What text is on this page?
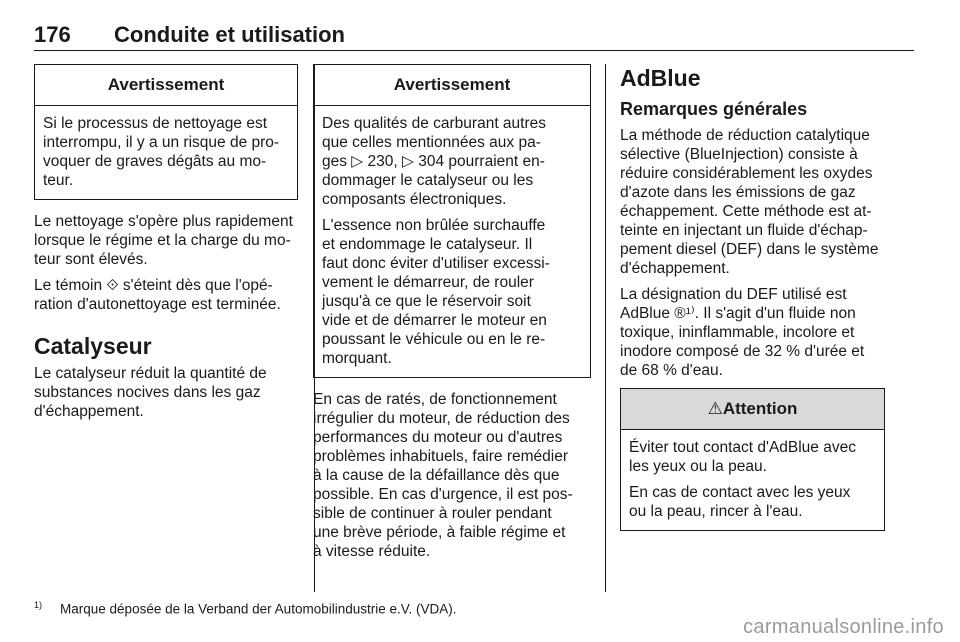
176 Conduite et utilisation
Avertissement

Si le processus de nettoyage est
interrompu, il y a un risque de pro-
voquer de graves dégâts au mo-
teur.

Le nettoyage s'opère plus rapidement
lorsque le régime et la charge du mo-
teur sont élevés.

Le témoin ⟐ s'éteint dès que l'opé-
ration d'autonettoyage est terminée.

Catalyseur

Le catalyseur réduit la quantité de
substances nocives dans les gaz
d'échappement.

Avertissement

Des qualités de carburant autres
que celles mentionnées aux pa-
ges ▷ 230, ▷ 304 pourraient en-
dommager le catalyseur ou les
composants électroniques.

L'essence non brûlée surchauffe
et endommage le catalyseur. Il
faut donc éviter d'utiliser excessi-
vement le démarreur, de rouler
jusqu'à ce que le réservoir soit
vide et de démarrer le moteur en
poussant le véhicule ou en le re-
morquant.

En cas de ratés, de fonctionnement
irrégulier du moteur, de réduction des
performances du moteur ou d'autres
problèmes inhabituels, faire remédier
à la cause de la défaillance dès que
possible. En cas d'urgence, il est pos-
sible de continuer à rouler pendant
une brève période, à faible régime et
à vitesse réduite.

AdBlue
Remarques générales

La méthode de réduction catalytique
sélective (BlueInjection) consiste à
réduire considérablement les oxydes
d'azote dans les émissions de gaz
échappement. Cette méthode est at-
teinte en injectant un fluide d'échap-
pement diesel (DEF) dans le système
d'échappement.

La désignation du DEF utilisé est
AdBlue ®¹⁾. Il s'agit d'un fluide non
toxique, ininflammable, incolore et
inodore composé de 32 % d'urée et
de 68 % d'eau.

⚠Attention

Éviter tout contact d'AdBlue avec
les yeux ou la peau.

En cas de contact avec les yeux
ou la peau, rincer à l'eau.

$^{1)}$ Marque déposée de la Verband der Automobilindustrie e.V. (VDA).
carmanualsonline.info
